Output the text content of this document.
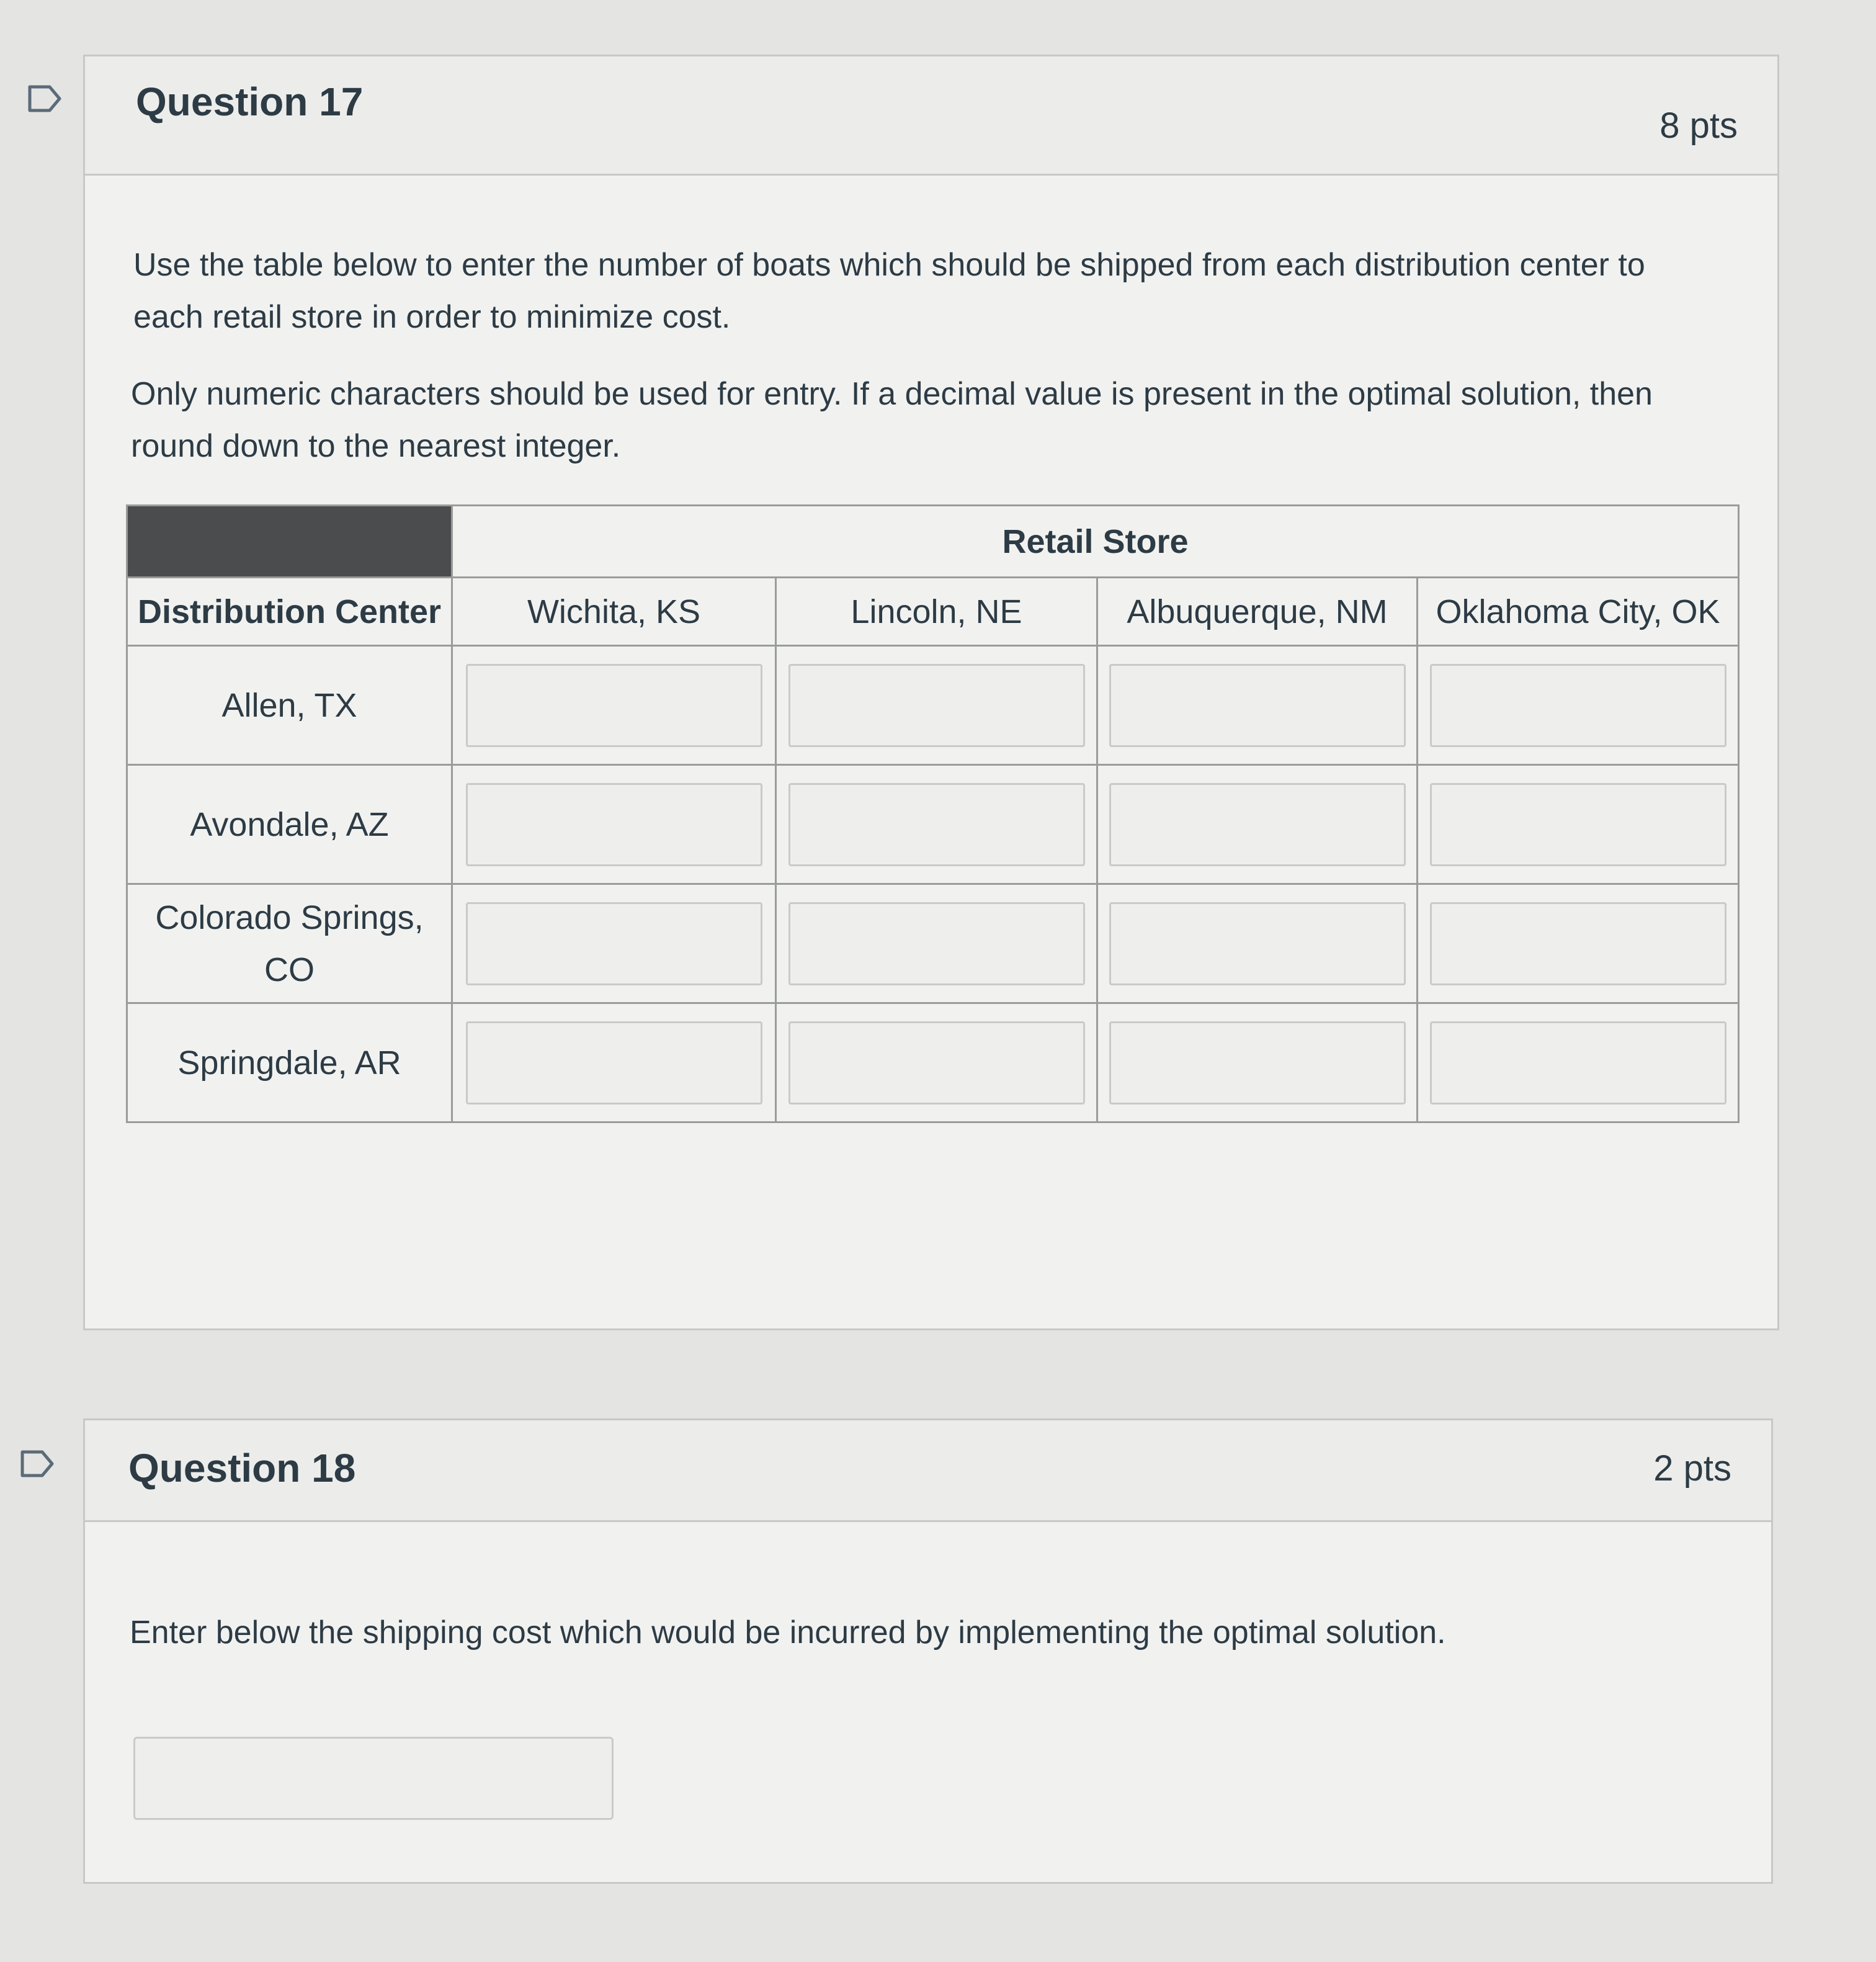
Question 17
8 pts

Use the table below to enter the number of boats which should be shipped from each distribution center to each retail store in order to minimize cost.

Only numeric characters should be used for entry. If a decimal value is present in the optimal solution, then round down to the nearest integer.

	Retail Store			
Distribution Center	Wichita, KS	Lincoln, NE	Albuquerque, NM	Oklahoma City, OK
Allen, TX	

Avondale, AZ	

Colorado Springs, CO	

Springdale, AR	

Question 18	2 pts

Enter below the shipping cost which would be incurred by implementing the optimal solution.
